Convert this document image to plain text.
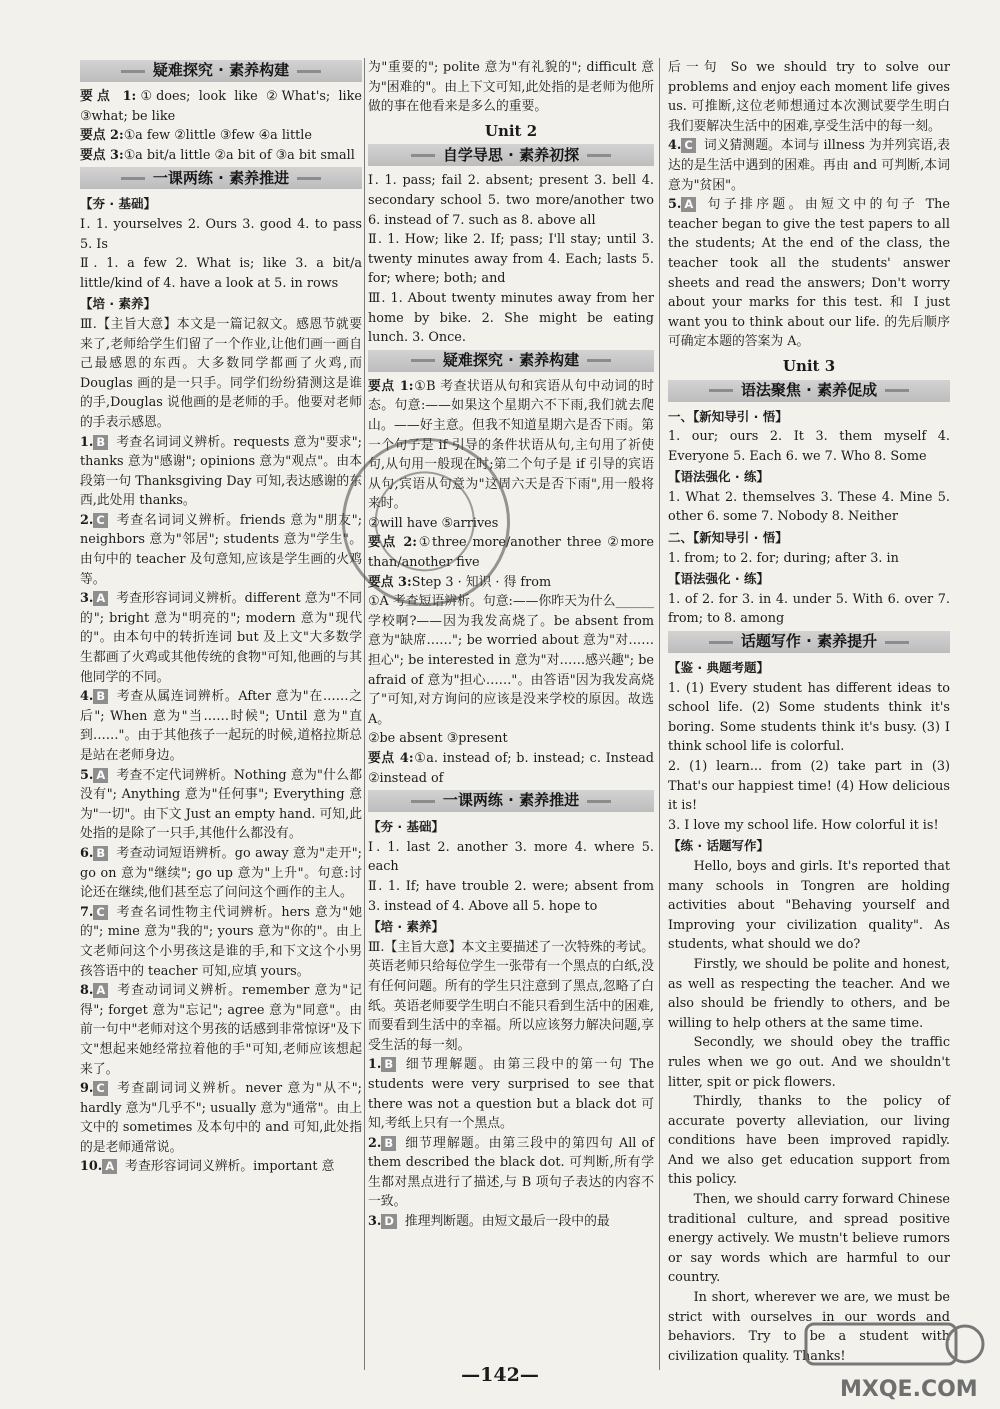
疑难探究 · 素养构建

要点 1:①does; look like ②What's; like ③what; be like

要点 2:①a few ②little ③few ④a little

要点 3:①a bit/a little ②a bit of ③a bit small

一课两练 · 素养推进
【夯 · 基础】

Ⅰ. 1. yourselves 2. Ours 3. good 4. to pass 5. Is

Ⅱ. 1. a few 2. What is; like 3. a bit/a little/kind of 4. have a look at 5. in rows

【培 · 素养】

Ⅲ.【主旨大意】本文是一篇记叙文。感恩节就要来了,老师给学生们留了一个作业,让他们画一画自己最感恩的东西。大多数同学都画了火鸡,而 Douglas 画的是一只手。同学们纷纷猜测这是谁的手,Douglas 说他画的是老师的手。他要对老师的手表示感恩。

1. B 考查名词词义辨析。requests 意为"要求"; thanks 意为"感谢"; opinions 意为"观点"。由本段第一句 Thanksgiving Day 可知,表达感谢的东西,此处用 thanks。

2. C 考查名词词义辨析。friends 意为"朋友"; neighbors 意为"邻居"; students 意为"学生"。由句中的 teacher 及句意知,应该是学生画的火鸡等。

3. A 考查形容词词义辨析。different 意为"不同的"; bright 意为"明亮的"; modern 意为"现代的"。由本句中的转折连词 but 及上文"大多数学生都画了火鸡或其他传统的食物"可知,他画的与其他同学的不同。

4. B 考查从属连词辨析。After 意为"在……之后"; When 意为"当……时候"; Until 意为"直到……"。由于其他孩子一起玩的时候,道格拉斯总是站在老师身边。

5. A 考查不定代词辨析。Nothing 意为"什么都没有"; Anything 意为"任何事"; Everything 意为"一切"。由下文 Just an empty hand. 可知,此处指的是除了一只手,其他什么都没有。

6. B 考查动词短语辨析。go away 意为"走开"; go on 意为"继续"; go up 意为"上升"。句意:讨论还在继续,他们甚至忘了问问这个画作的主人。

7. C 考查名词性物主代词辨析。hers 意为"她的"; mine 意为"我的"; yours 意为"你的"。由上文老师问这个小男孩这是谁的手,和下文这个小男孩答语中的 teacher 可知,应填 yours。

8. A 考查动词词义辨析。remember 意为"记得"; forget 意为"忘记"; agree 意为"同意"。由前一句中"老师对这个男孩的话感到非常惊讶"及下文"想起来她经常拉着他的手"可知,老师应该想起来了。

9. C 考查副词词义辨析。never 意为"从不"; hardly 意为"几乎不"; usually 意为"通常"。由上文中的 sometimes 及本句中的 and 可知,此处指的是老师通常说。

10. A 考查形容词词义辨析。important 意

为"重要的"; polite 意为"有礼貌的"; difficult 意为"困难的"。由上下文可知,此处指的是老师为他所做的事在他看来是多么的重要。

Unit 2
自学导思 · 素养初探

Ⅰ. 1. pass; fail 2. absent; present 3. bell 4. secondary school 5. two more/another two 6. instead of 7. such as 8. above all

Ⅱ. 1. How; like 2. If; pass; I'll stay; until 3. twenty minutes away from 4. Each; lasts 5. for; where; both; and

Ⅲ. 1. About twenty minutes away from her home by bike. 2. She might be eating lunch. 3. Once.

疑难探究 · 素养构建

要点 1:①B 考查状语从句和宾语从句中动词的时态。句意:——如果这个星期六不下雨,我们就去爬山。——好主意。但我不知道星期六是否下雨。第一个句子是 if 引导的条件状语从句,主句用了祈使句,从句用一般现在时;第二个句子是 if 引导的宾语从句,宾语从句意为"这周六天是否下雨",用一般将来时。

②will have ⑤arrives

要点 2:①three more/another three ②more than/another five

要点 3:Step 3 · 知识 · 得 from

①A 考查短语辨析。句意:——你昨天为什么______学校啊?——因为我发高烧了。be absent from 意为"缺席……"; be worried about 意为"对……担心"; be interested in 意为"对……感兴趣"; be afraid of 意为"担心……"。由答语"因为我发高烧了"可知,对方询问的应该是没来学校的原因。故选 A。

②be absent ③present

要点 4:①a. instead of; b. instead; c. Instead ②instead of

一课两练 · 素养推进
【夯 · 基础】

Ⅰ. 1. last 2. another 3. more 4. where 5. each

Ⅱ. 1. If; have trouble 2. were; absent from 3. instead of 4. Above all 5. hope to

【培 · 素养】

Ⅲ.【主旨大意】本文主要描述了一次特殊的考试。英语老师只给每位学生一张带有一个黑点的白纸,没有任何问题。所有的学生只注意到了黑点,忽略了白纸。英语老师要学生明白不能只看到生活中的困难,而要看到生活中的幸福。所以应该努力解决问题,享受生活的每一刻。

1. B 细节理解题。由第三段中的第一句 The students were very surprised to see that there was not a question but a black dot 可知,考纸上只有一个黑点。

2. B 细节理解题。由第三段中的第四句 All of them described the black dot. 可判断,所有学生都对黑点进行了描述,与 B 项句子表达的内容不一致。

3. D 推理判断题。由短文最后一段中的最

后一句 So we should try to solve our problems and enjoy each moment life gives us. 可推断,这位老师想通过本次测试要学生明白我们要解决生活中的困难,享受生活中的每一刻。

4. C 词义猜测题。本词与 illness 为并列宾语,表达的是生活中遇到的困难。再由 and 可判断,本词意为"贫困"。

5. A 句子排序题。由短文中的句子 The teacher began to give the test papers to all the students; At the end of the class, the teacher took all the students' answer sheets and read the answers; Don't worry about your marks for this test. 和 I just want you to think about our life. 的先后顺序可确定本题的答案为 A。

Unit 3
语法聚焦 · 素养促成
一、【新知导引 · 悟】

1. our; ours 2. It 3. them myself 4. Everyone 5. Each 6. we 7. Who 8. Some

【语法强化 · 练】

1. What 2. themselves 3. These 4. Mine 5. other 6. some 7. Nobody 8. Neither

二、【新知导引 · 悟】

1. from; to 2. for; during; after 3. in

【语法强化 · 练】

1. of 2. for 3. in 4. under 5. With 6. over 7. from; to 8. among

话题写作 · 素养提升
【鉴 · 典题考题】

1. (1) Every student has different ideas to school life. (2) Some students think it's boring. Some students think it's busy. (3) I think school life is colorful.

2. (1) learn... from (2) take part in (3) That's our happiest time! (4) How delicious it is!

3. I love my school life. How colorful it is!

【练 · 话题写作】

Hello, boys and girls. It's reported that many schools in Tongren are holding activities about "Behaving yourself and Improving your civilization quality". As students, what should we do?

Firstly, we should be polite and honest, as well as respecting the teacher. And we also should be friendly to others, and be willing to help others at the same time.

Secondly, we should obey the traffic rules when we go out. And we shouldn't litter, spit or pick flowers.

Thirdly, thanks to the policy of accurate poverty alleviation, our living conditions have been improved rapidly. And we also get education support from this policy.

Then, we should carry forward Chinese traditional culture, and spread positive energy actively. We mustn't believe rumors or say words which are harmful to our country.

In short, wherever we are, we must be strict with ourselves in our words and behaviors. Try to be a student with civilization quality. Thanks!

MXQE.COM
—142—
